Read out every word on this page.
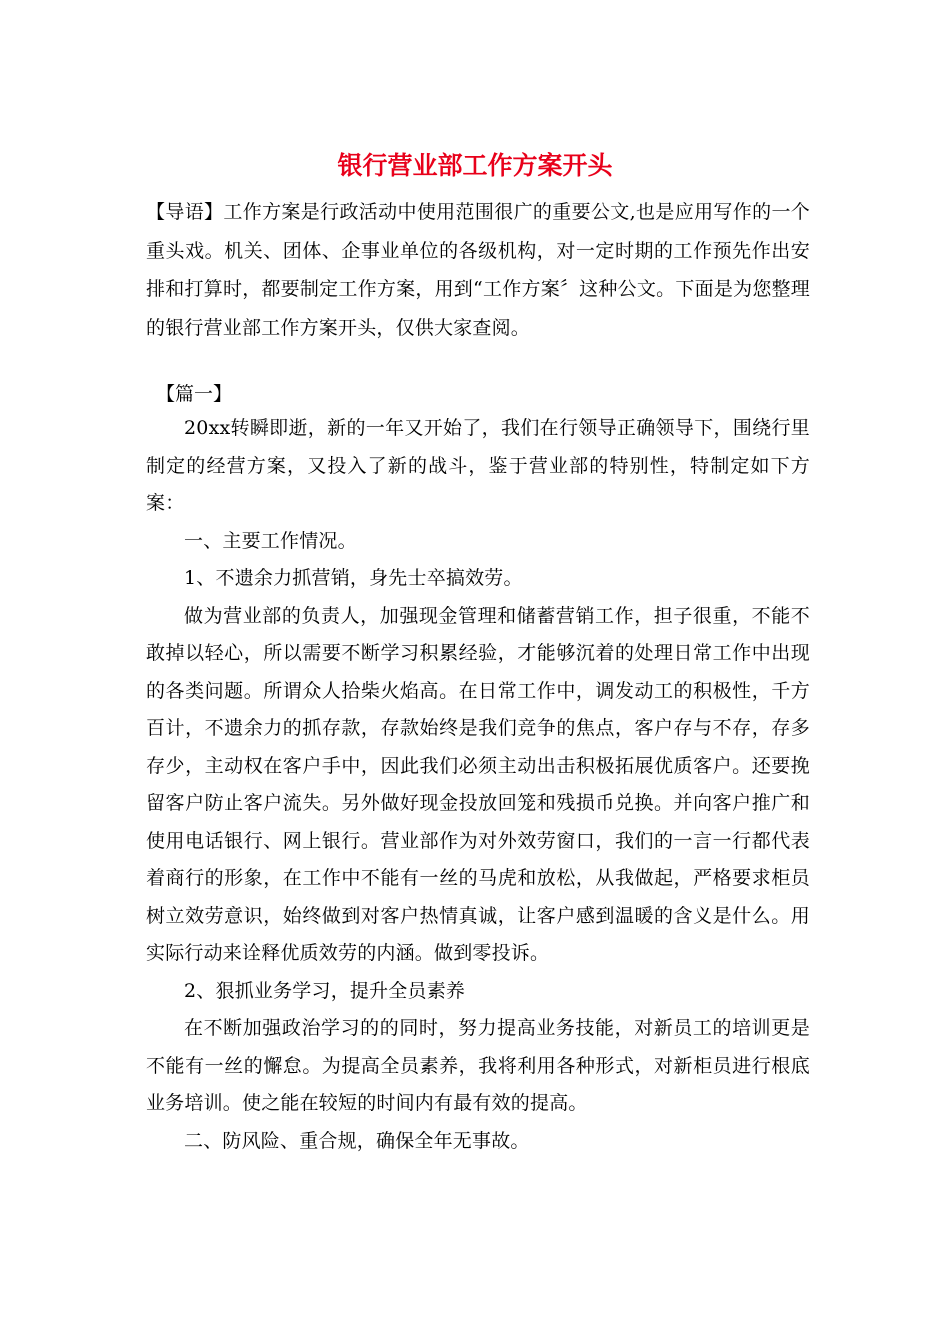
银行营业部工作方案开头

【导语】工作方案是行政活动中使用范围很广的重要公文,也是应用写作的一个重头戏。机关、团体、企事业单位的各级机构，对一定时期的工作预先作出安排和打算时，都要制定工作方案，用到“工作方案〞这种公文。下面是为您整理的银行营业部工作方案开头，仅供大家查阅。

【篇一】

20xx转瞬即逝，新的一年又开始了，我们在行领导正确领导下，围绕行里制定的经营方案，又投入了新的战斗，鉴于营业部的特别性，特制定如下方案：

一、主要工作情况。

1、不遗余力抓营销，身先士卒搞效劳。

做为营业部的负责人，加强现金管理和储蓄营销工作，担子很重，不能不敢掉以轻心，所以需要不断学习积累经验，才能够沉着的处理日常工作中出现的各类问题。所谓众人拾柴火焰高。在日常工作中，调发动工的积极性，千方百计，不遗余力的抓存款，存款始终是我们竞争的焦点，客户存与不存，存多存少，主动权在客户手中，因此我们必须主动出击积极拓展优质客户。还要挽留客户防止客户流失。另外做好现金投放回笼和残损币兑换。并向客户推广和使用电话银行、网上银行。营业部作为对外效劳窗口，我们的一言一行都代表着商行的形象，在工作中不能有一丝的马虎和放松，从我做起，严格要求柜员树立效劳意识，始终做到对客户热情真诚，让客户感到温暖的含义是什么。用实际行动来诠释优质效劳的内涵。做到零投诉。

2、狠抓业务学习，提升全员素养

在不断加强政治学习的的同时，努力提高业务技能，对新员工的培训更是不能有一丝的懈怠。为提高全员素养，我将利用各种形式，对新柜员进行根底业务培训。使之能在较短的时间内有最有效的提高。

二、防风险、重合规，确保全年无事故。
